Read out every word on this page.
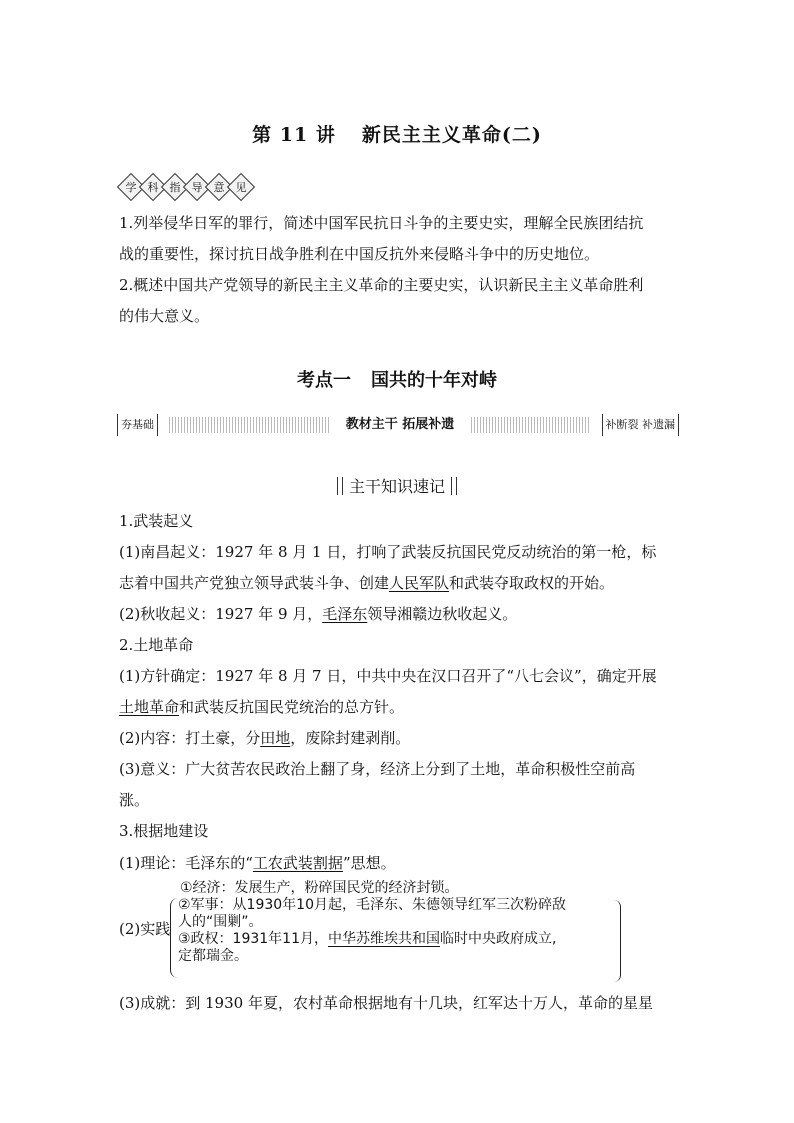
第 11 讲 新民主主义革命(二)
学 科 指 导 意 见
1.列举侵华日军的罪行，简述中国军民抗日斗争的主要史实，理解全民族团结抗
战的重要性，探讨抗日战争胜利在中国反抗外来侵略斗争中的历史地位。
2.概述中国共产党领导的新民主主义革命的主要史实，认识新民主主义革命胜利
的伟大意义。
考点一 国共的十年对峙
夯基础	教材主干 拓展补遗	补断裂 补遗漏
主干知识速记
1.武装起义
(1)南昌起义：1927 年 8 月 1 日，打响了武装反抗国民党反动统治的第一枪，标
志着中国共产党独立领导武装斗争、创建人民军队和武装夺取政权的开始。
(2)秋收起义：1927 年 9 月，毛泽东领导湘赣边秋收起义。
2.土地革命
(1)方针确定：1927 年 8 月 7 日，中共中央在汉口召开了“八七会议”，确定开展
土地革命和武装反抗国民党统治的总方针。
(2)内容：打土豪，分田地，废除封建剥削。
(3)意义：广大贫苦农民政治上翻了身，经济上分到了土地，革命积极性空前高
涨。
3.根据地建设
(1)理论：毛泽东的“工农武装割据”思想。
(2)实践
①经济：发展生产，粉碎国民党的经济封锁。
②军事：从1930年10月起，毛泽东、朱德领导红军三次粉碎敌
人的“围剿”。
③政权：1931年11月，中华苏维埃共和国临时中央政府成立,
定都瑞金。
(3)成就：到 1930 年夏，农村革命根据地有十几块，红军达十万人，革命的星星
